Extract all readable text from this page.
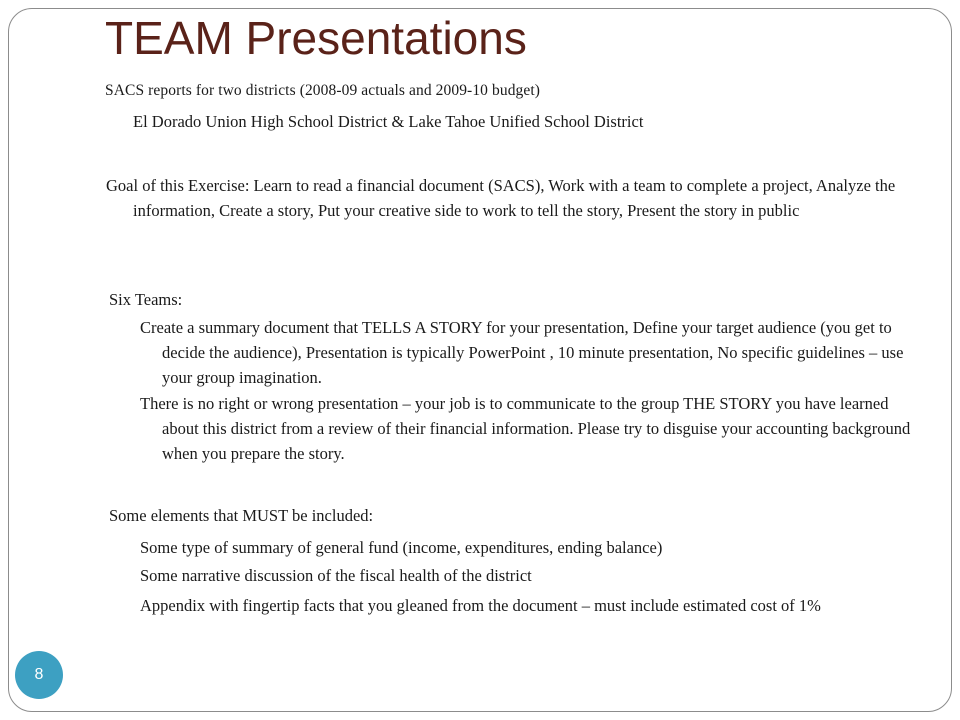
TEAM Presentations

SACS reports for two districts (2008-09 actuals and 2009-10 budget)

El Dorado Union High School District & Lake Tahoe Unified School District

Goal of this Exercise: Learn to read a financial document (SACS), Work with a team to complete a project, Analyze the information, Create a story, Put your creative side to work to tell the story, Present the story in public

Six Teams:

Create a summary document that TELLS A STORY for your presentation, Define your target audience (you get to decide the audience), Presentation is typically PowerPoint , 10 minute presentation, No specific guidelines – use your group imagination.

There is no right or wrong presentation – your job is to communicate to the group THE STORY you have learned about this district from a review of their financial information. Please try to disguise your accounting background when you prepare the story.

Some elements that MUST be included:

Some type of summary of general fund (income, expenditures, ending balance)

Some narrative discussion of the fiscal health of the district

Appendix with fingertip facts that you gleaned from the document – must include estimated cost of 1%

8
